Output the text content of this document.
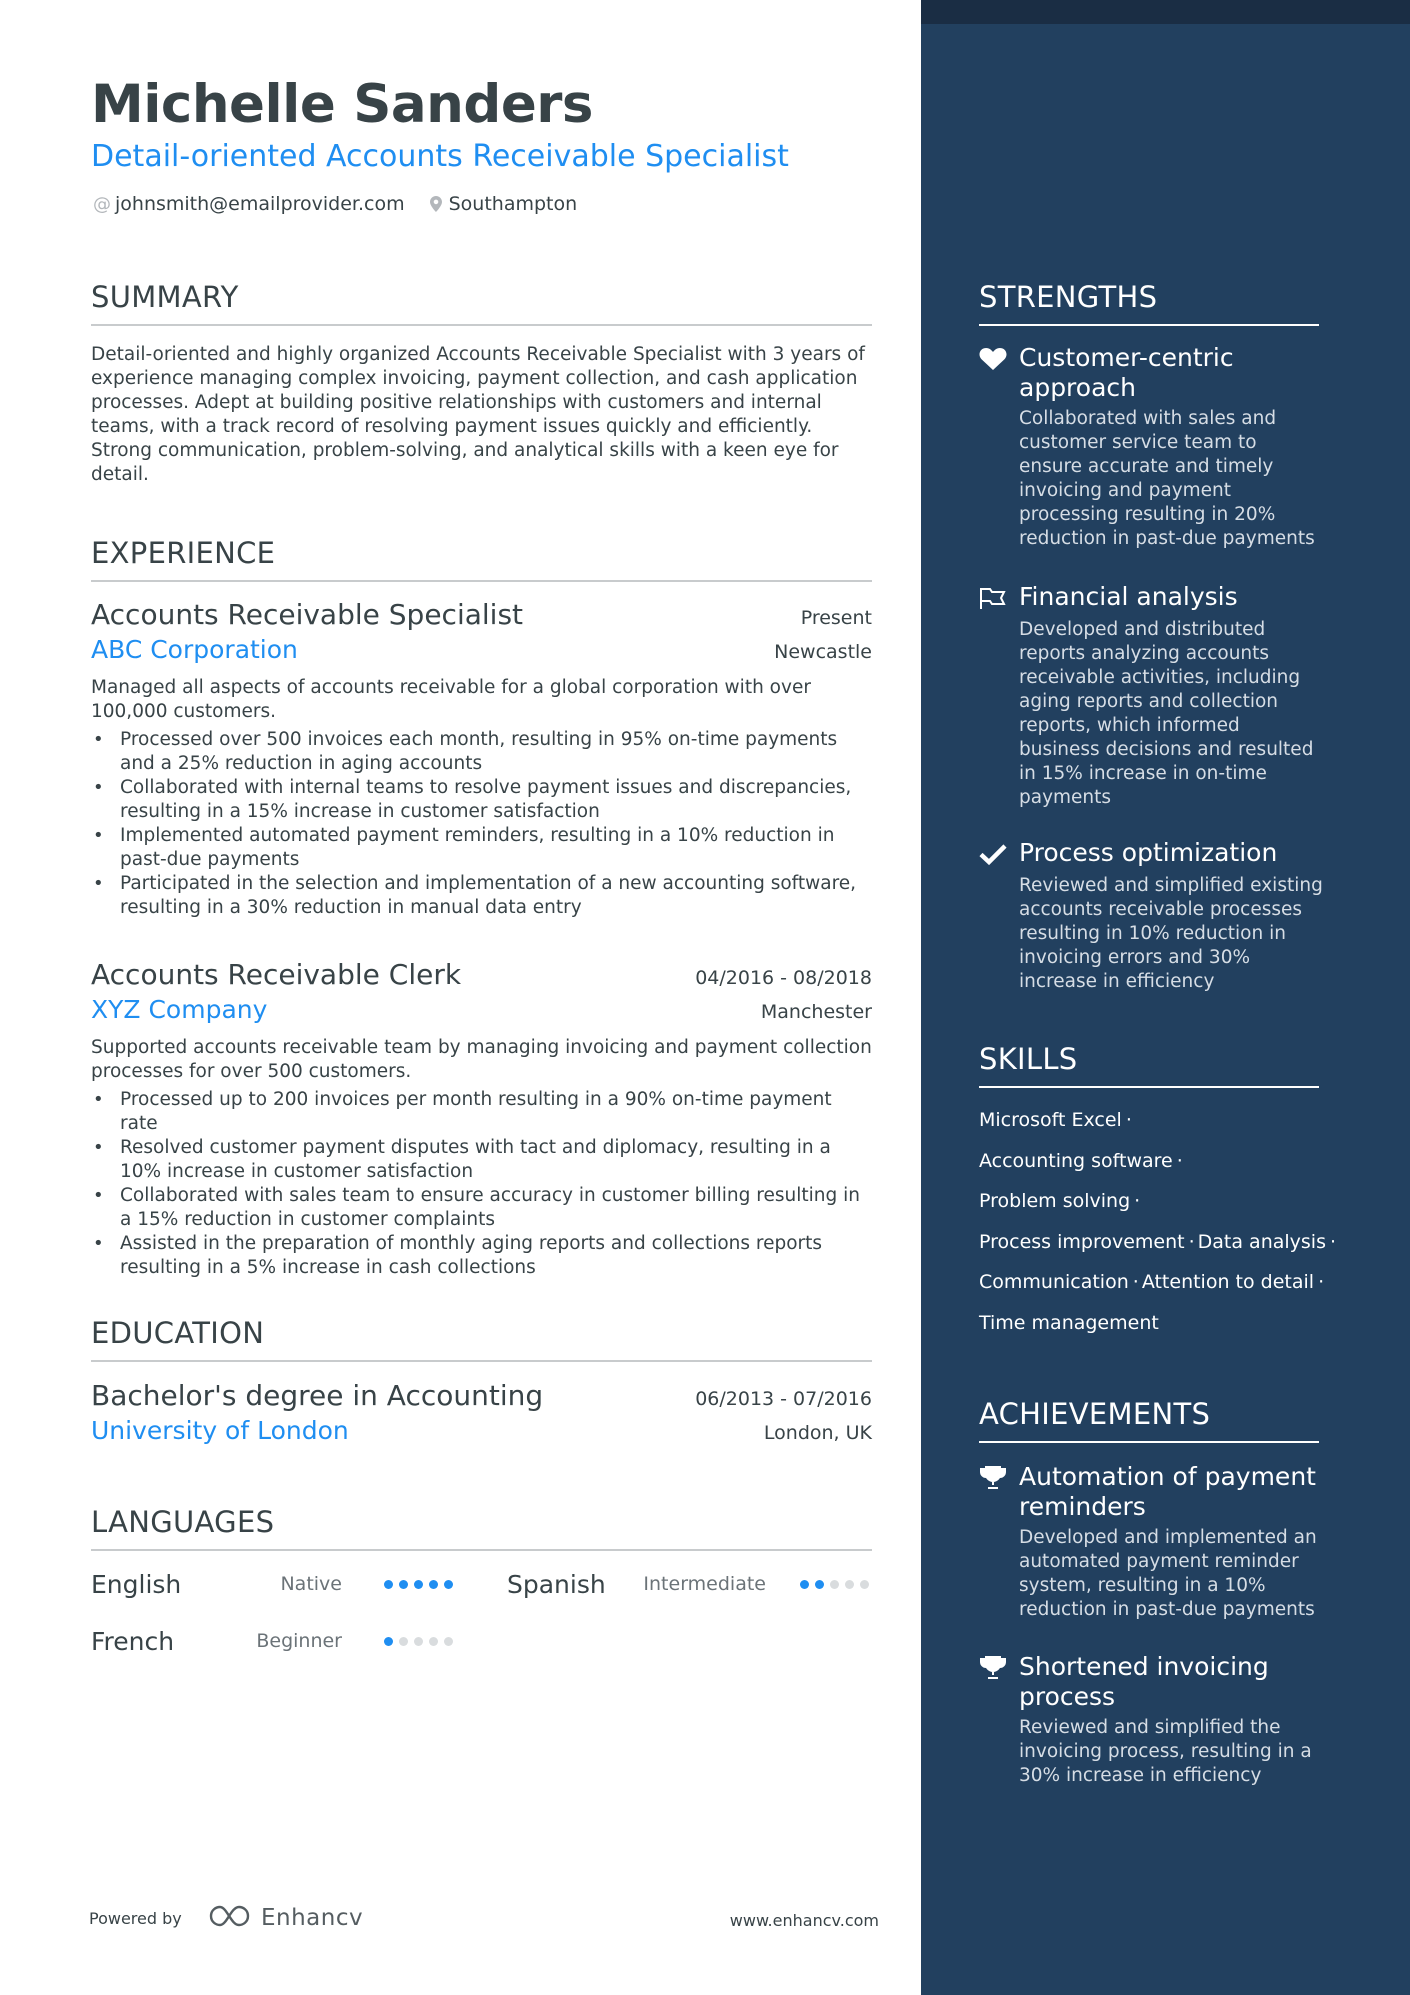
Michelle Sanders
Detail-oriented Accounts Receivable Specialist
@ johnsmith@emailprovider.com Southampton
SUMMARY
Detail-oriented and highly organized Accounts Receivable Specialist with 3 years of experience managing complex invoicing, payment collection, and cash application processes. Adept at building positive relationships with customers and internal teams, with a track record of resolving payment issues quickly and efficiently. Strong communication, problem-solving, and analytical skills with a keen eye for detail.
EXPERIENCE
Accounts Receivable Specialist	Present
ABC Corporation	Newcastle
Managed all aspects of accounts receivable for a global corporation with over 100,000 customers.
• Processed over 500 invoices each month, resulting in 95% on-time payments and a 25% reduction in aging accounts
• Collaborated with internal teams to resolve payment issues and discrepancies, resulting in a 15% increase in customer satisfaction
• Implemented automated payment reminders, resulting in a 10% reduction in past-due payments
• Participated in the selection and implementation of a new accounting software, resulting in a 30% reduction in manual data entry
Accounts Receivable Clerk	04/2016 - 08/2018
XYZ Company	Manchester
Supported accounts receivable team by managing invoicing and payment collection processes for over 500 customers.
• Processed up to 200 invoices per month resulting in a 90% on-time payment rate
• Resolved customer payment disputes with tact and diplomacy, resulting in a 10% increase in customer satisfaction
• Collaborated with sales team to ensure accuracy in customer billing resulting in a 15% reduction in customer complaints
• Assisted in the preparation of monthly aging reports and collections reports resulting in a 5% increase in cash collections
EDUCATION
Bachelor's degree in Accounting	06/2013 - 07/2016
University of London	London, UK
LANGUAGES
English	Native	Spanish Intermediate
French	Beginner
Powered by	Enhancv	www.enhancv.com
STRENGTHS
Customer-centric approach
Collaborated with sales and customer service team to ensure accurate and timely invoicing and payment processing resulting in 20% reduction in past-due payments
Financial analysis
Developed and distributed reports analyzing accounts receivable activities, including aging reports and collection reports, which informed business decisions and resulted in 15% increase in on-time payments
Process optimization
Reviewed and simplified existing accounts receivable processes resulting in 10% reduction in invoicing errors and 30% increase in efficiency
SKILLS
Microsoft Excel ·
Accounting software ·
Problem solving ·
Process improvement · Data analysis ·
Communication · Attention to detail ·
Time management
ACHIEVEMENTS
Automation of payment reminders
Developed and implemented an automated payment reminder system, resulting in a 10% reduction in past-due payments
Shortened invoicing process
Reviewed and simplified the invoicing process, resulting in a 30% increase in efficiency
